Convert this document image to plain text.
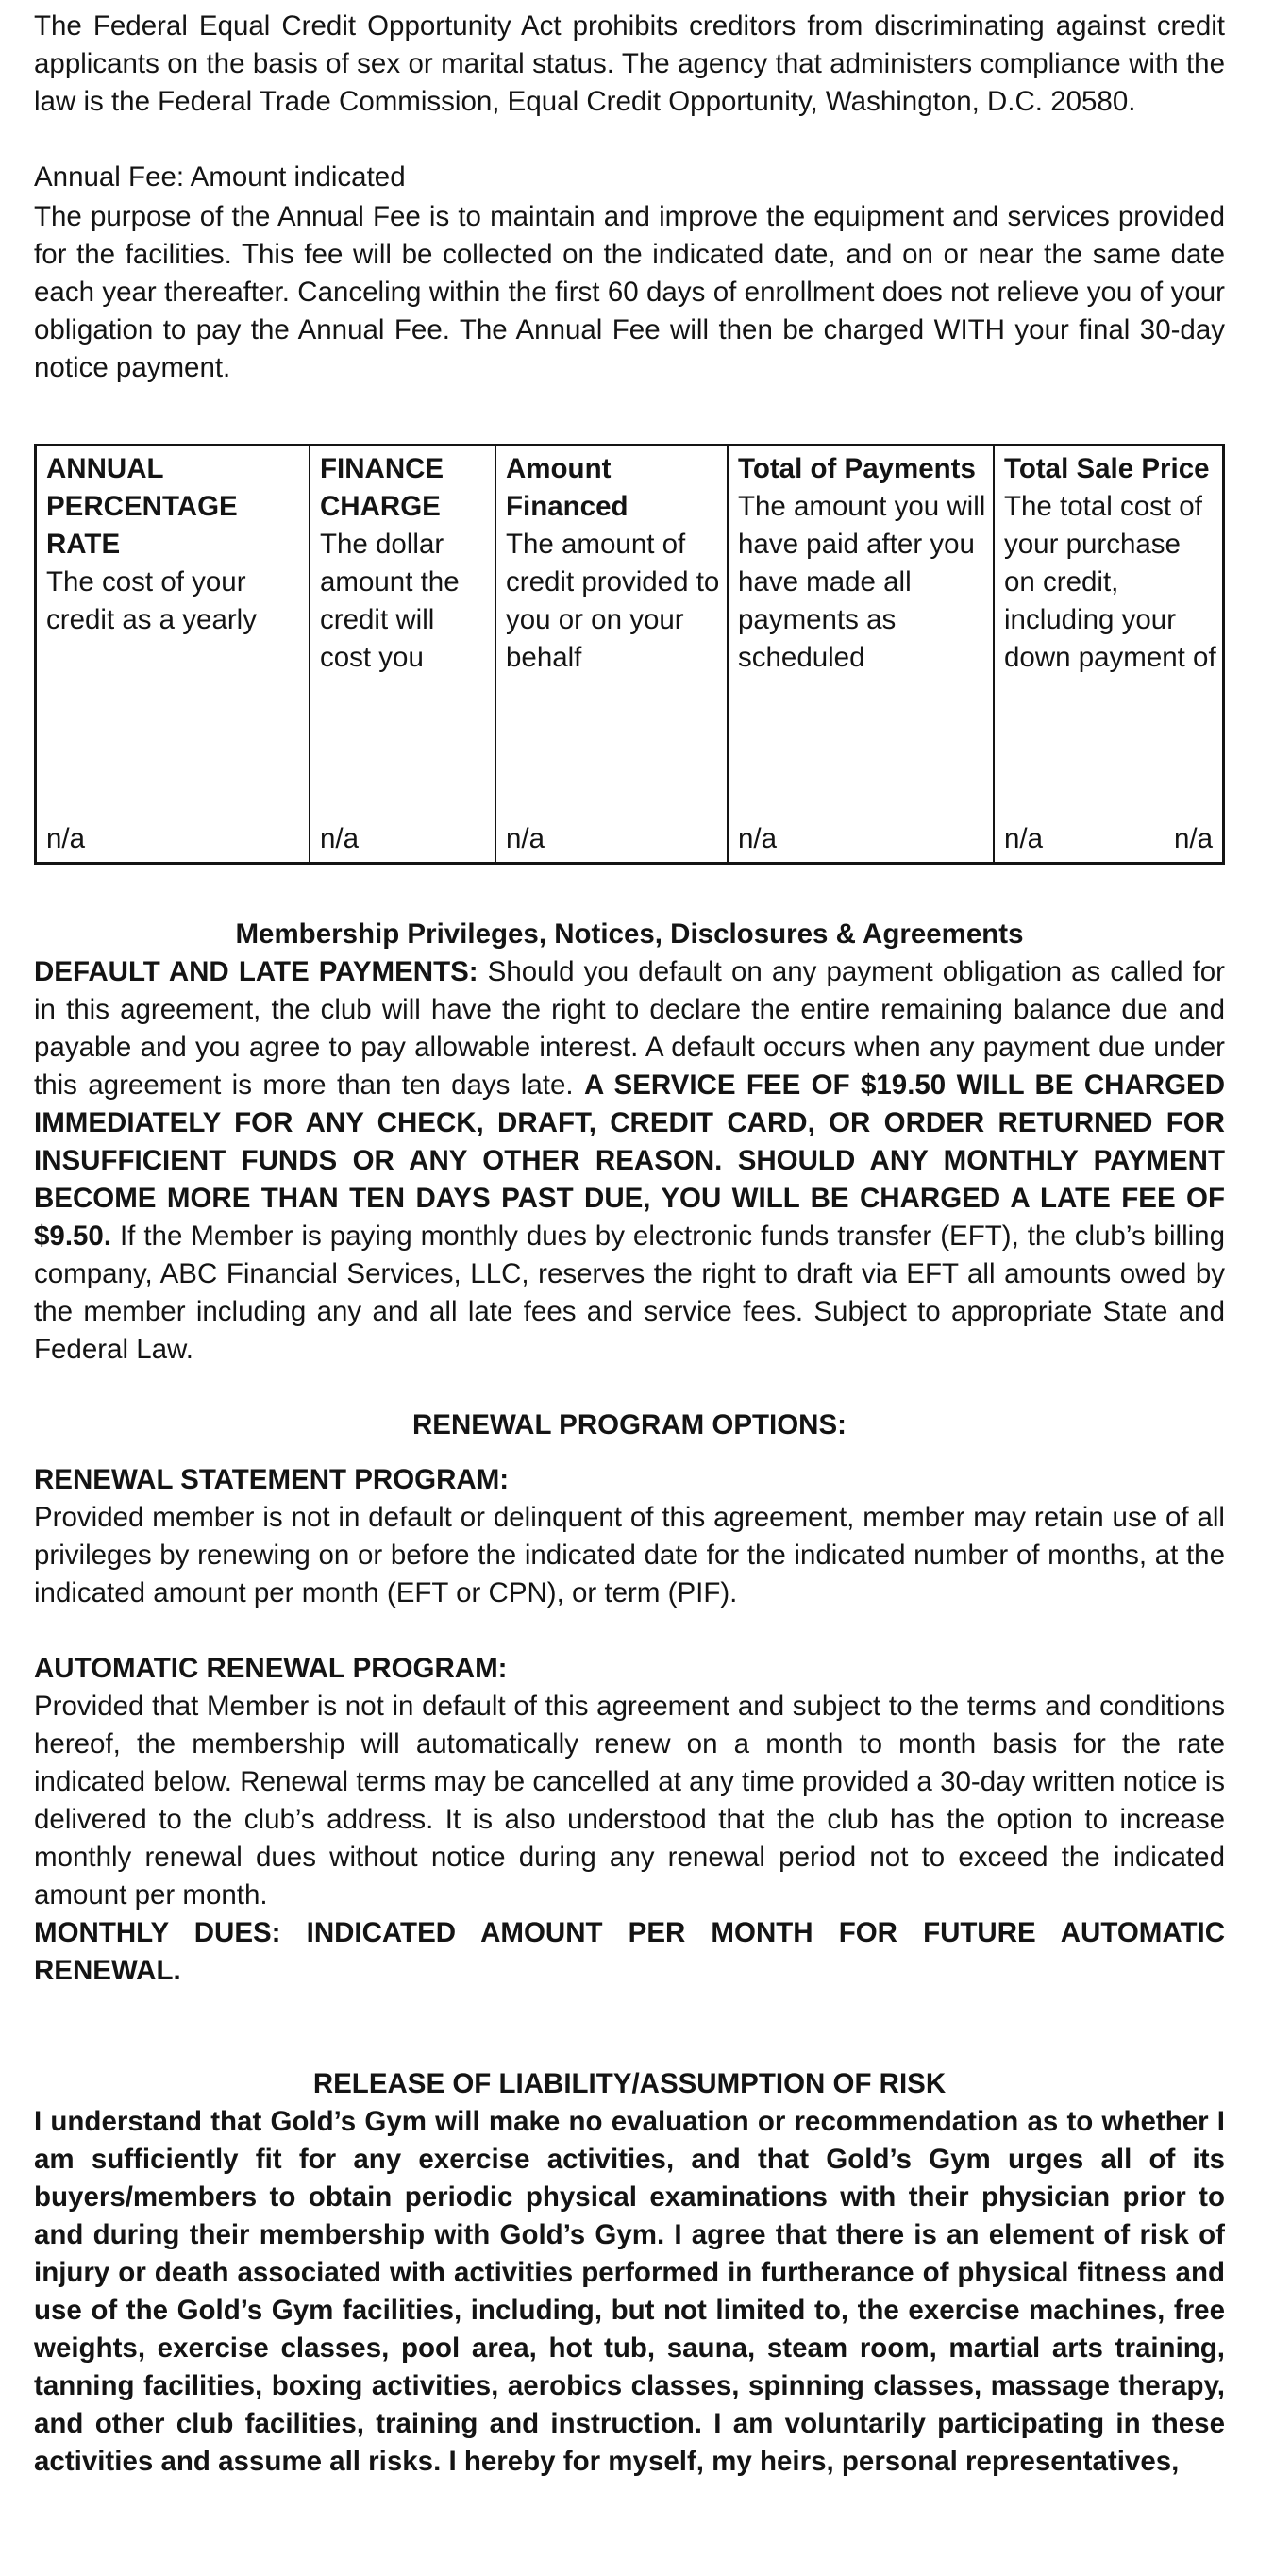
The Federal Equal Credit Opportunity Act prohibits creditors from discriminating against credit applicants on the basis of sex or marital status. The agency that administers compliance with the law is the Federal Trade Commission, Equal Credit Opportunity, Washington, D.C. 20580.

Annual Fee: Amount indicated

The purpose of the Annual Fee is to maintain and improve the equipment and services provided for the facilities. This fee will be collected on the indicated date, and on or near the same date each year thereafter. Canceling within the first 60 days of enrollment does not relieve you of your obligation to pay the Annual Fee. The Annual Fee will then be charged WITH your final 30-day notice payment.

ANNUAL PERCENTAGE RATE
The cost of your credit as a yearly
n/a
FINANCE CHARGE
The dollar amount the credit will cost you
n/a
Amount Financed
The amount of credit provided to you or on your behalf
n/a
Total of Payments
The amount you will have paid after you have made all payments as scheduled
n/a
Total Sale Price
The total cost of your purchase on credit, including your down payment of
n/a	n/a

Membership Privileges, Notices, Disclosures & Agreements

DEFAULT AND LATE PAYMENTS: Should you default on any payment obligation as called for in this agreement, the club will have the right to declare the entire remaining balance due and payable and you agree to pay allowable interest. A default occurs when any payment due under this agreement is more than ten days late. A SERVICE FEE OF $19.50 WILL BE CHARGED IMMEDIATELY FOR ANY CHECK, DRAFT, CREDIT CARD, OR ORDER RETURNED FOR INSUFFICIENT FUNDS OR ANY OTHER REASON. SHOULD ANY MONTHLY PAYMENT BECOME MORE THAN TEN DAYS PAST DUE, YOU WILL BE CHARGED A LATE FEE OF $9.50. If the Member is paying monthly dues by electronic funds transfer (EFT), the club’s billing company, ABC Financial Services, LLC, reserves the right to draft via EFT all amounts owed by the member including any and all late fees and service fees. Subject to appropriate State and Federal Law.

RENEWAL PROGRAM OPTIONS:

RENEWAL STATEMENT PROGRAM:

Provided member is not in default or delinquent of this agreement, member may retain use of all privileges by renewing on or before the indicated date for the indicated number of months, at the indicated amount per month (EFT or CPN), or term (PIF).

AUTOMATIC RENEWAL PROGRAM:

Provided that Member is not in default of this agreement and subject to the terms and conditions hereof, the membership will automatically renew on a month to month basis for the rate indicated below. Renewal terms may be cancelled at any time provided a 30-day written notice is delivered to the club’s address. It is also understood that the club has the option to increase monthly renewal dues without notice during any renewal period not to exceed the indicated amount per month.

MONTHLY DUES: INDICATED AMOUNT PER MONTH FOR FUTURE AUTOMATIC RENEWAL.

RELEASE OF LIABILITY/ASSUMPTION OF RISK

I understand that Gold’s Gym will make no evaluation or recommendation as to whether I am sufficiently fit for any exercise activities, and that Gold’s Gym urges all of its buyers/members to obtain periodic physical examinations with their physician prior to and during their membership with Gold’s Gym. I agree that there is an element of risk of injury or death associated with activities performed in furtherance of physical fitness and use of the Gold’s Gym facilities, including, but not limited to, the exercise machines, free weights, exercise classes, pool area, hot tub, sauna, steam room, martial arts training, tanning facilities, boxing activities, aerobics classes, spinning classes, massage therapy, and other club facilities, training and instruction. I am voluntarily participating in these activities and assume all risks. I hereby for myself, my heirs, personal representatives,
